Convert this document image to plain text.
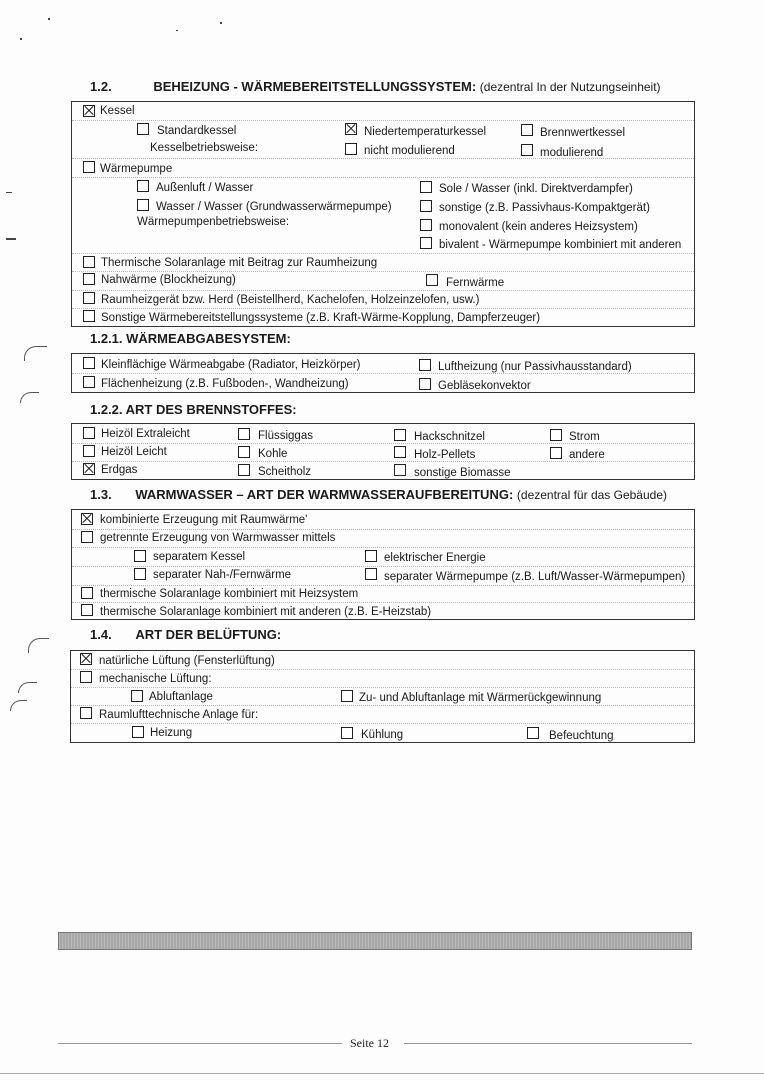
1.2.	BEHEIZUNG - WÄRMEBEREITSTELLUNGSSYSTEM: (dezentral In der Nutzungseinheit)
Kessel
Standardkessel	Niedertemperaturkessel	Brennwertkessel
Kesselbetriebsweise:	nicht modulierend	modulierend
Wärmepumpe
Außenluft / Wasser	Sole / Wasser (inkl. Direktverdampfer)
Wasser / Wasser (Grundwasserwärmepumpe)	sonstige (z.B. Passivhaus-Kompaktgerät)
Wärmepumpenbetriebsweise:	monovalent (kein anderes Heizsystem)
bivalent - Wärmepumpe kombiniert mit anderen
Thermische Solaranlage mit Beitrag zur Raumheizung
Nahwärme (Blockheizung)	Fernwärme
Raumheizgerät bzw. Herd (Beistellherd, Kachelofen, Holzeinzelofen, usw.)
Sonstige Wärmebereitstellungssysteme (z.B. Kraft-Wärme-Kopplung, Dampferzeuger)
1.2.1. WÄRMEABGABESYSTEM:
Kleinflächige Wärmeabgabe (Radiator, Heizkörper)	Luftheizung (nur Passivhausstandard)
Flächenheizung (z.B. Fußboden-, Wandheizung)	Gebläsekonvektor
1.2.2. ART DES BRENNSTOFFES:
Heizöl Extraleicht	Flüssiggas	Hackschnitzel	Strom
Heizöl Leicht	Kohle	Holz-Pellets	andere
Erdgas	Scheitholz	sonstige Biomasse
1.3. WARMWASSER – ART DER WARMWASSERAUFBEREITUNG: (dezentral für das Gebäude)
kombinierte Erzeugung mit Raumwärme'
getrennte Erzeugung von Warmwasser mittels
separatem Kessel	elektrischer Energie
separater Nah-/Fernwärme	separater Wärmepumpe (z.B. Luft/Wasser-Wärmepumpen)
thermische Solaranlage kombiniert mit Heizsystem
thermische Solaranlage kombiniert mit anderen (z.B. E-Heizstab)
1.4. ART DER BELÜFTUNG:
natürliche Lüftung (Fensterlüftung)
mechanische Lüftung:
Abluftanlage	Zu- und Abluftanlage mit Wärmerückgewinnung
Raumlufttechnische Anlage für:
Heizung	Kühlung	Befeuchtung
Seite 12
